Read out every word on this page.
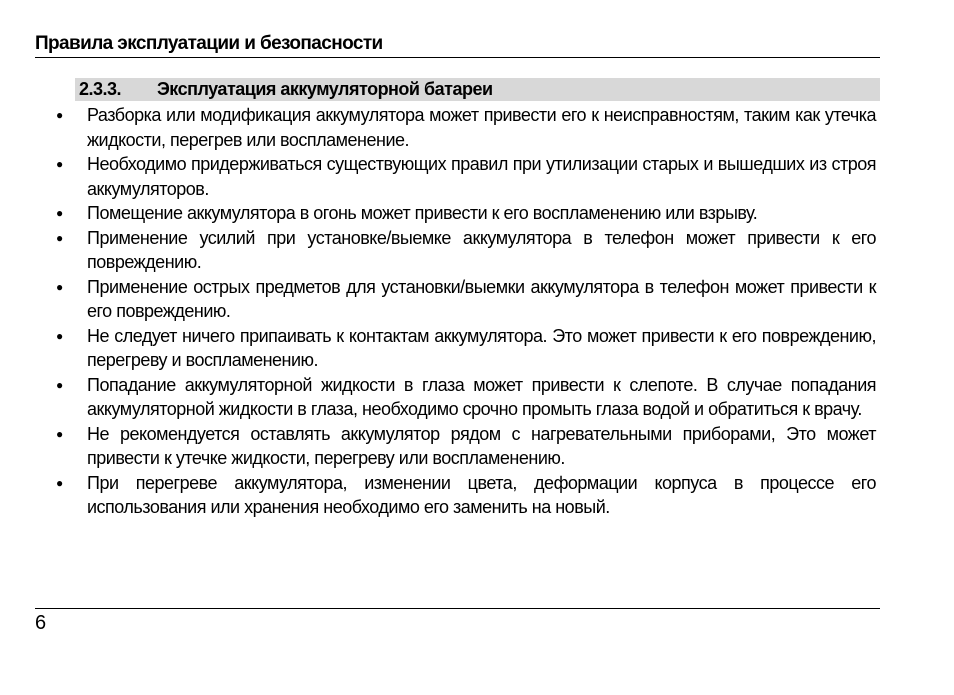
Правила эксплуатации и безопасности
2.3.3. Эксплуатация аккумуляторной батареи
● Разборка или модификация аккумулятора может привести его к неисправностям, таким как утечка жидкости, перегрев или воспламенение.
● Необходимо придерживаться существующих правил при утилизации старых и вышедших из строя аккумуляторов.
● Помещение аккумулятора в огонь может привести к его воспламенению или взрыву.
● Применение усилий при установке/выемке аккумулятора в телефон может привести к его повреждению.
● Применение острых предметов для установки/выемки аккумулятора в телефон может привести к его повреждению.
● Не следует ничего припаивать к контактам аккумулятора. Это может привести к его повреждению, перегреву и воспламенению.
● Попадание аккумуляторной жидкости в глаза может привести к слепоте. В случае попадания аккумуляторной жидкости в глаза, необходимо срочно промыть глаза водой и обратиться к врачу.
● Не рекомендуется оставлять аккумулятор рядом с нагревательными приборами, Это может привести к утечке жидкости, перегреву или воспламенению.
● При перегреве аккумулятора, изменении цвета, деформации корпуса в процессе его использования или хранения необходимо его заменить на новый.
6
